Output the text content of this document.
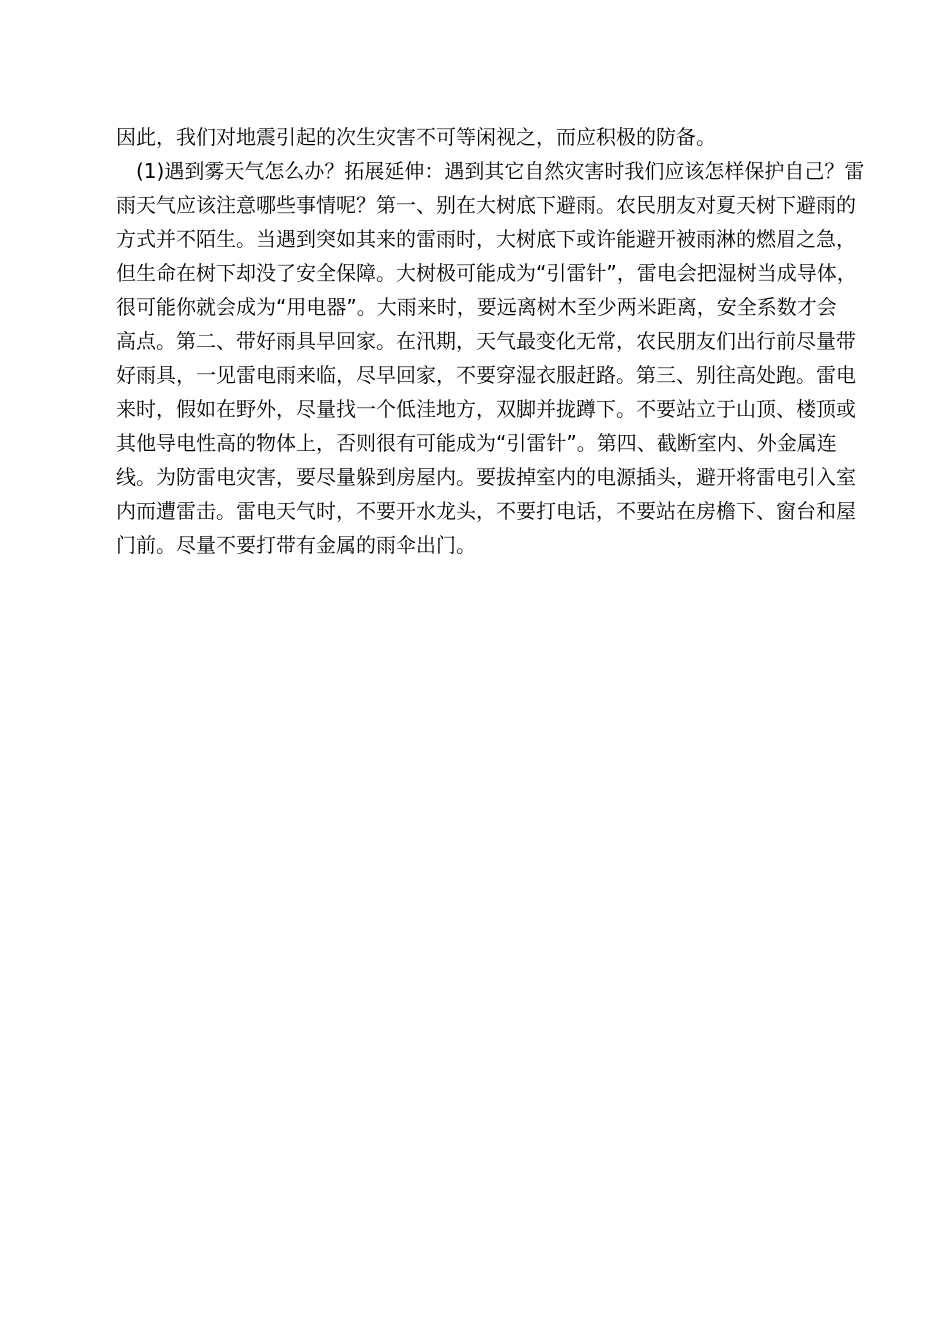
因此，我们对地震引起的次生灾害不可等闲视之，而应积极的防备。
(1)遇到雾天气怎么办？拓展延伸：遇到其它自然灾害时我们应该怎样保护自己？雷
雨天气应该注意哪些事情呢？第一、别在大树底下避雨。农民朋友对夏天树下避雨的
方式并不陌生。当遇到突如其来的雷雨时，大树底下或许能避开被雨淋的燃眉之急，
但生命在树下却没了安全保障。大树极可能成为“引雷针”，雷电会把湿树当成导体，
很可能你就会成为“用电器”。大雨来时，要远离树木至少两米距离，安全系数才会
高点。第二、带好雨具早回家。在汛期，天气最变化无常，农民朋友们出行前尽量带
好雨具，一见雷电雨来临，尽早回家，不要穿湿衣服赶路。第三、别往高处跑。雷电
来时，假如在野外，尽量找一个低洼地方，双脚并拢蹲下。不要站立于山顶、楼顶或
其他导电性高的物体上，否则很有可能成为“引雷针”。第四、截断室内、外金属连
线。为防雷电灾害，要尽量躲到房屋内。要拔掉室内的电源插头，避开将雷电引入室
内而遭雷击。雷电天气时，不要开水龙头，不要打电话，不要站在房檐下、窗台和屋
门前。尽量不要打带有金属的雨伞出门。
